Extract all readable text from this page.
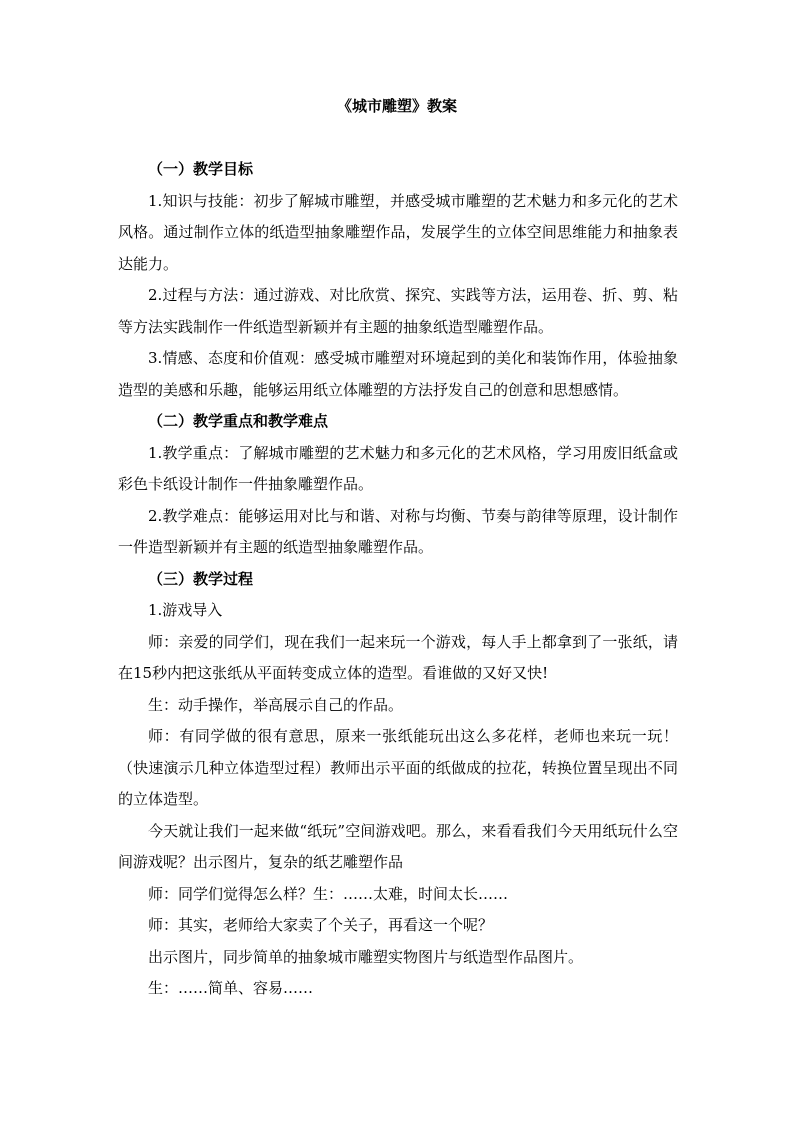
《城市雕塑》教案

（一）教学目标

1.知识与技能：初步了解城市雕塑，并感受城市雕塑的艺术魅力和多元化的艺术风格。通过制作立体的纸造型抽象雕塑作品，发展学生的立体空间思维能力和抽象表达能力。

2.过程与方法：通过游戏、对比欣赏、探究、实践等方法，运用卷、折、剪、粘等方法实践制作一件纸造型新颖并有主题的抽象纸造型雕塑作品。

3.情感、态度和价值观：感受城市雕塑对环境起到的美化和装饰作用，体验抽象造型的美感和乐趣，能够运用纸立体雕塑的方法抒发自己的创意和思想感情。

（二）教学重点和教学难点

1.教学重点：了解城市雕塑的艺术魅力和多元化的艺术风格，学习用废旧纸盒或彩色卡纸设计制作一件抽象雕塑作品。

2.教学难点：能够运用对比与和谐、对称与均衡、节奏与韵律等原理，设计制作一件造型新颖并有主题的纸造型抽象雕塑作品。

（三）教学过程

1.游戏导入

师：亲爱的同学们，现在我们一起来玩一个游戏，每人手上都拿到了一张纸，请在15秒内把这张纸从平面转变成立体的造型。看谁做的又好又快!

生：动手操作，举高展示自己的作品。

师：有同学做的很有意思，原来一张纸能玩出这么多花样，老师也来玩一玩！（快速演示几种立体造型过程）教师出示平面的纸做成的拉花，转换位置呈现出不同的立体造型。

今天就让我们一起来做“纸玩”空间游戏吧。那么，来看看我们今天用纸玩什么空间游戏呢？出示图片，复杂的纸艺雕塑作品

师：同学们觉得怎么样？生：……太难，时间太长……

师：其实，老师给大家卖了个关子，再看这一个呢？

出示图片，同步简单的抽象城市雕塑实物图片与纸造型作品图片。

生：……简单、容易……
